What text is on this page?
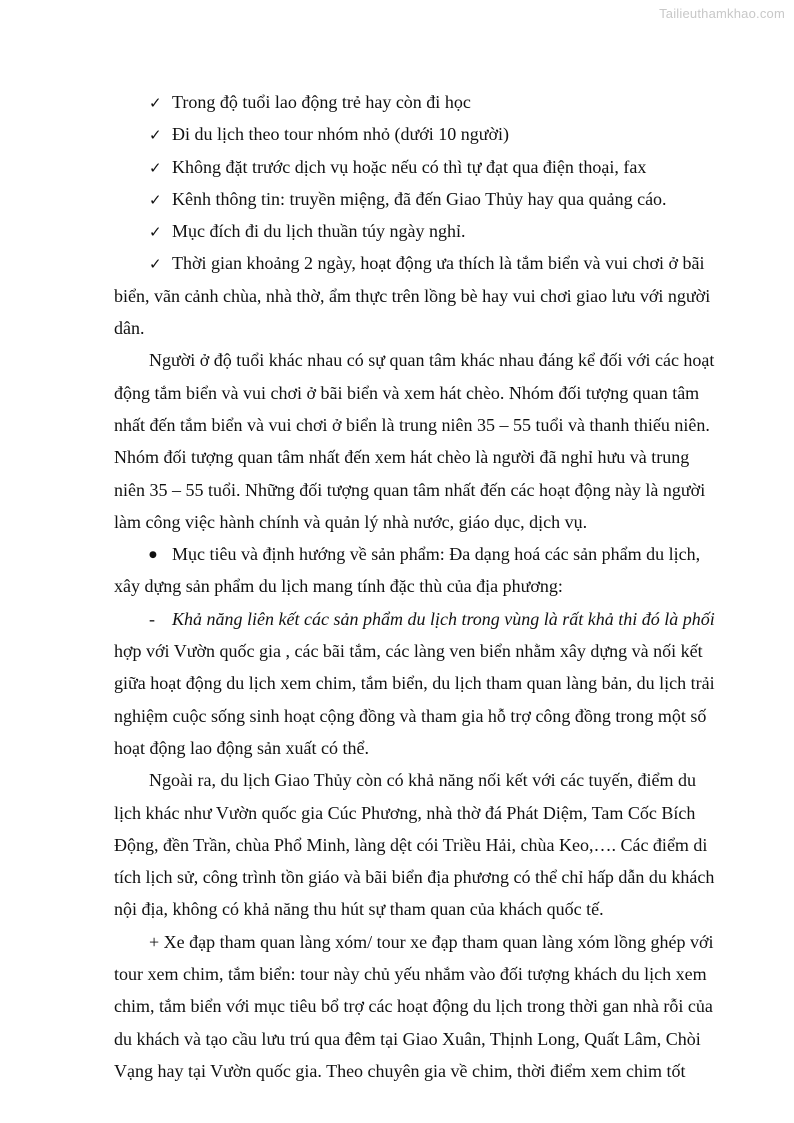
Tailieuthamkhao.com
✓ Trong độ tuổi lao động trẻ hay còn đi học
✓ Đi du lịch theo tour nhóm nhỏ (dưới 10 người)
✓ Không đặt trước dịch vụ hoặc nếu có thì tự đạt qua điện thoại, fax
✓ Kênh thông tin: truyền miệng, đã đến Giao Thủy hay qua quảng cáo.
✓ Mục đích đi du lịch thuần túy ngày nghỉ.
✓ Thời gian khoảng 2 ngày, hoạt động ưa thích là tắm biển và vui chơi ở bãi
biển, vãn cảnh chùa, nhà thờ, ẩm thực trên lồng bè hay vui chơi giao lưu với người
dân.
Người ở độ tuổi khác nhau có sự quan tâm khác nhau đáng kể đối với các hoạt
động tắm biển và vui chơi ở bãi biển và xem hát chèo. Nhóm đối tượng quan tâm
nhất đến tắm biển và vui chơi ở biển là trung niên 35 – 55 tuổi và thanh thiếu niên.
Nhóm đối tượng quan tâm nhất đến xem hát chèo là người đã nghỉ hưu và trung
niên 35 – 55 tuổi. Những đối tượng quan tâm nhất đến các hoạt động này là người
làm công việc hành chính và quản lý nhà nước, giáo dục, dịch vụ.
● Mục tiêu và định hướng về sản phẩm: Đa dạng hoá các sản phẩm du lịch,
xây dựng sản phẩm du lịch mang tính đặc thù của địa phương:
- Khả năng liên kết các sản phẩm du lịch trong vùng là rất khả thi đó là phối
hợp với Vườn quốc gia , các bãi tắm, các làng ven biển nhằm xây dựng và nối kết
giữa hoạt động du lịch xem chim, tắm biển, du lịch tham quan làng bản, du lịch trải
nghiệm cuộc sống sinh hoạt cộng đồng và tham gia hỗ trợ công đồng trong một số
hoạt động lao động sản xuất có thể.
Ngoài ra, du lịch Giao Thủy còn có khả năng nối kết với các tuyến, điểm du
lịch khác như Vườn quốc gia Cúc Phương, nhà thờ đá Phát Diệm, Tam Cốc Bích
Động, đền Trần, chùa Phổ Minh, làng dệt cói Triều Hải, chùa Keo,…. Các điểm di
tích lịch sử, công trình tồn giáo và bãi biển địa phương có thể chỉ hấp dẫn du khách
nội địa, không có khả năng thu hút sự tham quan của khách quốc tế.
+ Xe đạp tham quan làng xóm/ tour xe đạp tham quan làng xóm lồng ghép với
tour xem chim, tắm biển: tour này chủ yếu nhắm vào đối tượng khách du lịch xem
chim, tắm biển với mục tiêu bổ trợ các hoạt động du lịch trong thời gan nhà rỗi của
du khách và tạo cầu lưu trú qua đêm tại Giao Xuân, Thịnh Long, Quất Lâm, Chòi
Vạng hay tại Vườn quốc gia. Theo chuyên gia về chim, thời điểm xem chim tốt
